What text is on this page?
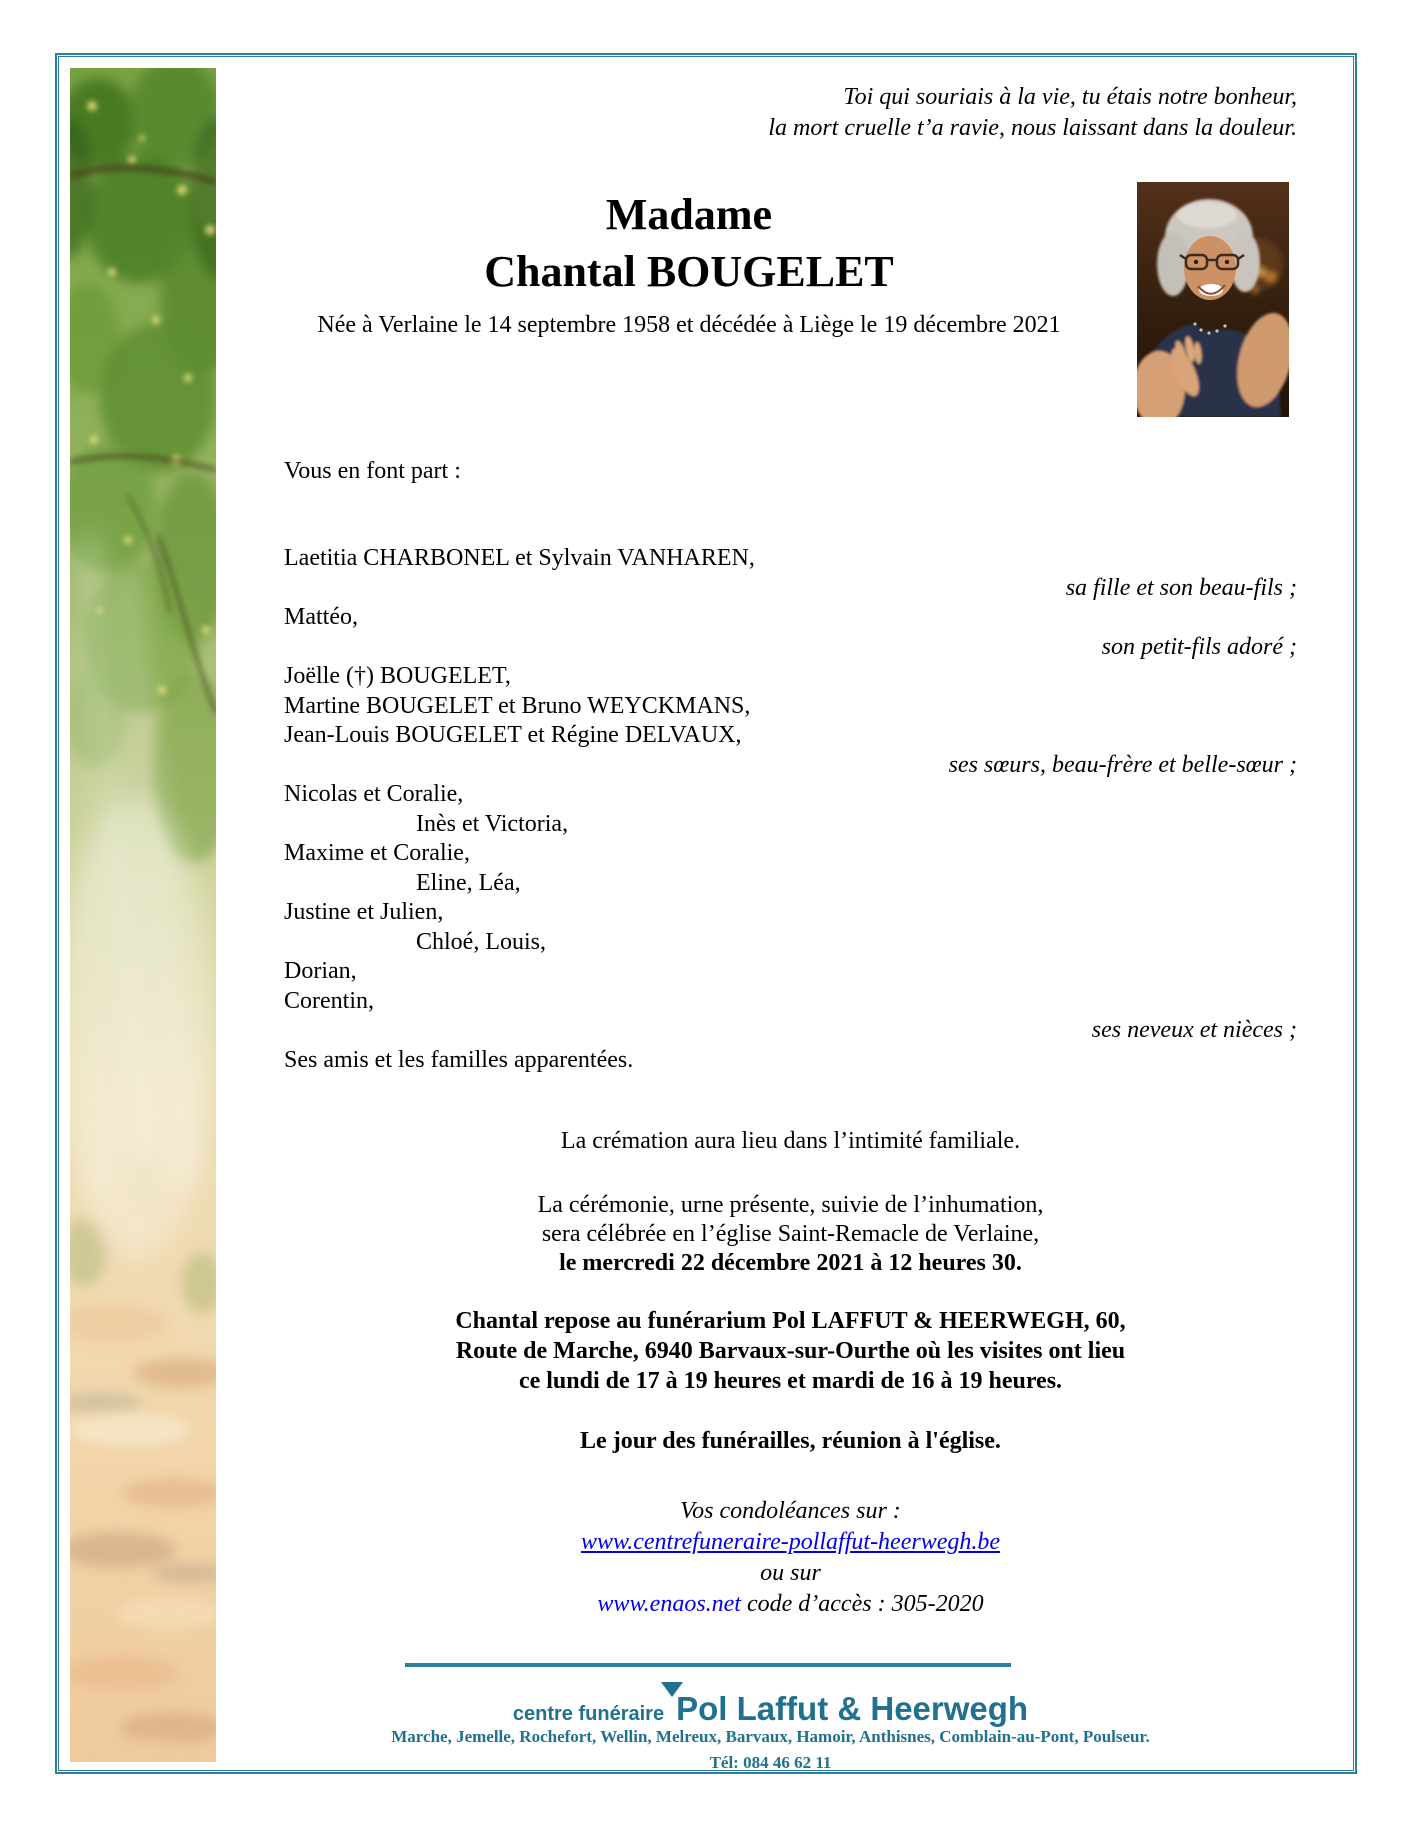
Toi qui souriais à la vie, tu étais notre bonheur,
la mort cruelle t’a ravie, nous laissant dans la douleur.
Madame
Chantal BOUGELET
Née à Verlaine le 14 septembre 1958 et décédée à Liège le 19 décembre 2021
Vous en font part :
Laetitia CHARBONEL et Sylvain VANHAREN,
sa fille et son beau-fils ;
Mattéo,
son petit-fils adoré ;
Joëlle (†) BOUGELET,
Martine BOUGELET et Bruno WEYCKMANS,
Jean-Louis BOUGELET et Régine DELVAUX,
ses sœurs, beau-frère et belle-sœur ;
Nicolas et Coralie,
Inès et Victoria,
Maxime et Coralie,
Eline, Léa,
Justine et Julien,
Chloé, Louis,
Dorian,
Corentin,
ses neveux et nièces ;
Ses amis et les familles apparentées.
La crémation aura lieu dans l’intimité familiale.
La cérémonie, urne présente, suivie de l’inhumation,
sera célébrée en l’église Saint-Remacle de Verlaine,
le mercredi 22 décembre 2021 à 12 heures 30.
Chantal repose au funérarium Pol LAFFUT & HEERWEGH, 60,
Route de Marche, 6940 Barvaux-sur-Ourthe où les visites ont lieu
ce lundi de 17 à 19 heures et mardi de 16 à 19 heures.
Le jour des funérailles, réunion à l'église.
Vos condoléances sur :
www.centrefuneraire-pollaffut-heerwegh.be
ou sur
www.enaos.net code d’accès : 305-2020
centre funéraire Pol Laffut & Heerwegh
Marche, Jemelle, Rochefort, Wellin, Melreux, Barvaux, Hamoir, Anthisnes, Comblain-au-Pont, Poulseur.
Tél: 084 46 62 11
